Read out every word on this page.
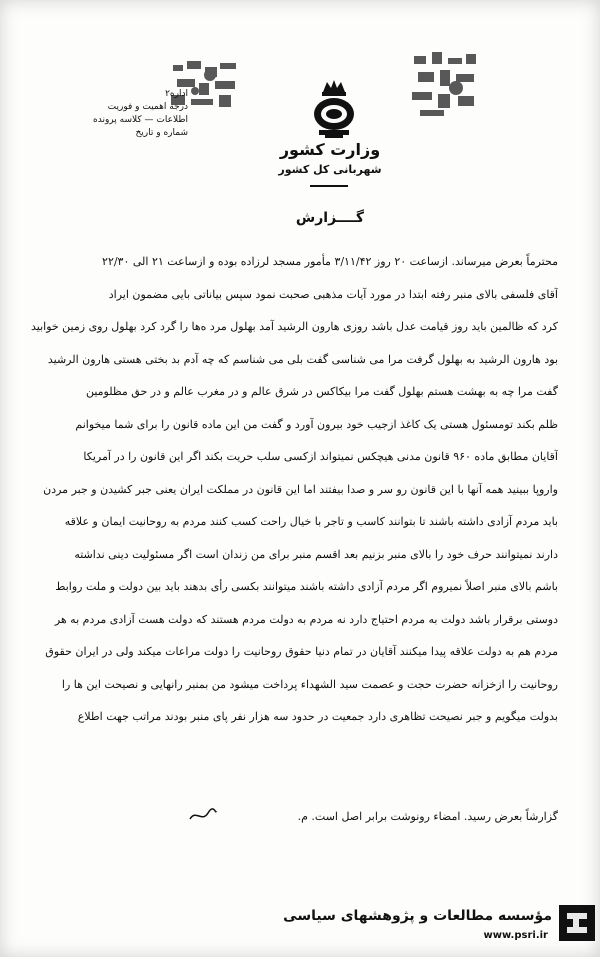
اداره۲
درجه اهمیت و فوریت
اطلاعات — کلاسه پرونده
شماره و تاریخ
وزارت کشور
شهربانی کل کشور
گــــزارش
محترماً بعرض میرساند. ازساعت ۲۰ روز ۳/۱۱/۴۲ مأمور مسجد لرزاده بوده و ازساعت ۲۱ الی ۲۲/۳۰
آقای فلسفی بالای منبر رفته ابتدا در مورد آیات مذهبی صحبت نمود سپس بیاناتی بایی مضمون ایراد
کرد که ظالمین باید روز قیامت عدل باشد روزی هارون الرشید آمد بهلول مرد ه‌ها را گرد کرد بهلول روی زمین خوابید
بود هارون الرشید به بهلول گرفت مرا می شناسی گفت بلی می شناسم که چه آدم بد بختی هستی هارون الرشید
گفت مرا چه به بهشت هستم بهلول گفت مرا بیکاکس در شرق عالم و در مغرب عالم و در حق مظلومین
ظلم بکند تومسئول هستی یک کاغذ ازجیب خود بیرون آورد و گفت من این ماده قانون را برای شما میخوانم
آقایان مطابق ماده ۹۶۰ قانون مدنی هیچکس نمیتواند ازکسی سلب حریت بکند اگر این قانون را در آمریکا
واروپا ببینید همه آنها با این قانون رو سر و صدا بیفتند اما این قانون در مملکت ایران یعنی جبر کشیدن و جبر مردن
باید مردم آزادی داشته باشند تا بتوانند کاسب و تاجر با خیال راحت کسب کنند مردم به روحانیت ایمان و علاقه
دارند نمیتوانند حرف خود را بالای منبر بزنیم بعد اقسم منبر برای من زندان است اگر مسئولیت دینی نداشته
باشم بالای منبر اصلاً نمیروم اگر مردم آزادی داشته باشند میتوانند بکسی رأی بدهند باید بین دولت و ملت روابط
دوستی برقرار باشد دولت به مردم احتیاج دارد نه مردم به دولت مردم هستند که دولت هست آزادی مردم به هر
مردم هم به دولت علاقه پیدا میکنند آقایان در تمام دنیا حقوق روحانیت را دولت مراعات میکند ولی در ایران حقوق
روحانیت را ازخزانه حضرت حجت و عصمت سید الشهداء پرداخت میشود من بمنبر رانهایی و نصیحت این ها را
بدولت میگویم و جبر نصیحت تظاهری دارد جمعیت در حدود سه هزار نفر پای منبر بودند مراتب جهت اطلاع
گزارشاً بعرض رسید. امضاء رونوشت برابر اصل است. م.
مؤسسه مطالعات و پژوهشهای سیاسی
www.psri.ir
